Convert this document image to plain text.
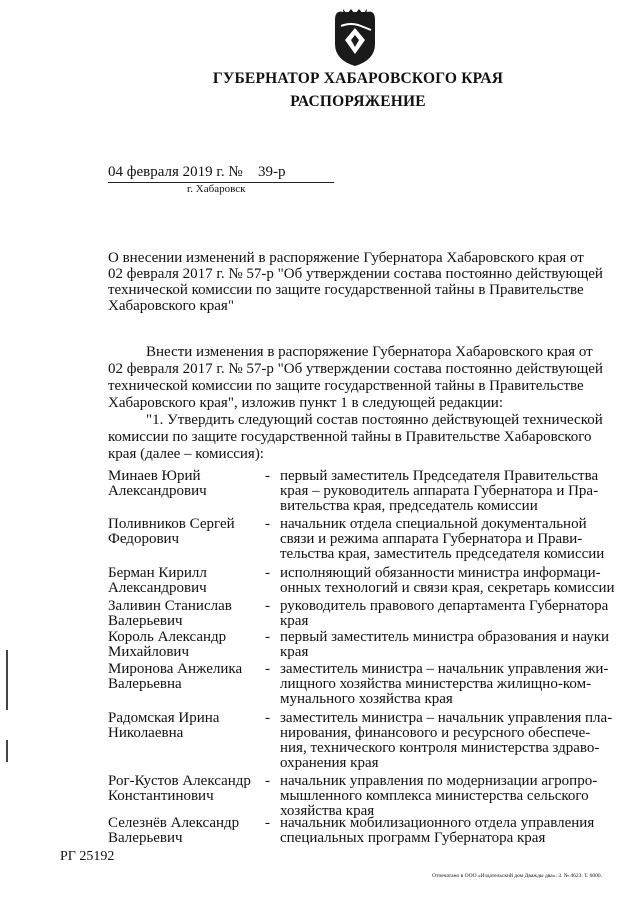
ГУБЕРНАТОР ХАБАРОВСКОГО КРАЯ
РАСПОРЯЖЕНИЕ
04 февраля 2019 г. № 39-р
г. Хабаровск
О внесении изменений в распоряжение Губернатора Хабаровского края от
02 февраля 2017 г. № 57-р "Об утверждении состава постоянно действующей
технической комиссии по защите государственной тайны в Правительстве
Хабаровского края"
Внести изменения в распоряжение Губернатора Хабаровского края от
02 февраля 2017 г. № 57-р "Об утверждении состава постоянно действующей
технической комиссии по защите государственной тайны в Правительстве
Хабаровского края", изложив пункт 1 в следующей редакции:
"1. Утвердить следующий состав постоянно действующей технической
комиссии по защите государственной тайны в Правительстве Хабаровского
края (далее – комиссия):
Минаев Юрий
Александрович
- первый заместитель Председателя Правительства
края – руководитель аппарата Губернатора и Пра-
вительства края, председатель комиссии
Поливников Сергей
Федорович
- начальник отдела специальной документальной
связи и режима аппарата Губернатора и Прави-
тельства края, заместитель председателя комиссии
Берман Кирилл
Александрович
- исполняющий обязанности министра информаци-
онных технологий и связи края, секретарь комиссии
Заливин Станислав
Валерьевич
- руководитель правового департамента Губернатора
края
Король Александр
Михайлович
- первый заместитель министра образования и науки
края
Миронова Анжелика
Валерьевна
- заместитель министра – начальник управления жи-
лищного хозяйства министерства жилищно-ком-
мунального хозяйства края
Радомская Ирина
Николаевна
- заместитель министра – начальник управления пла-
нирования, финансового и ресурсного обеспече-
ния, технического контроля министерства здраво-
охранения края
Рог-Кустов Александр
Константинович
- начальник управления по модернизации агропро-
мышленного комплекса министерства сельского
хозяйства края
Селезнёв Александр
Валерьевич
- начальник мобилизационного отдела управления
специальных программ Губернатора края
РГ 25192
Отпечатано в ООО «Издательский дом Дважды два». З. № 4623. Т. 6000.
